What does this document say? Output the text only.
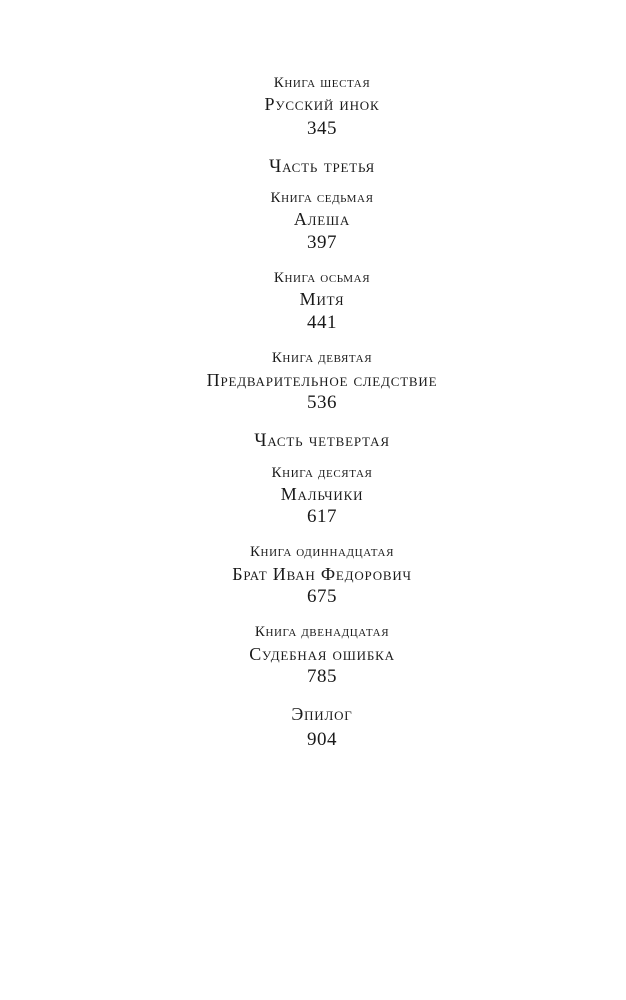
Книга шестая
Русский инок
345
Часть третья
Книга седьмая
Алеша
397
Книга осьмая
Митя
441
Книга девятая
Предварительное следствие
536
Часть четвертая
Книга десятая
Мальчики
617
Книга одиннадцатая
Брат Иван Федорович
675
Книга двенадцатая
Судебная ошибка
785
Эпилог
904
